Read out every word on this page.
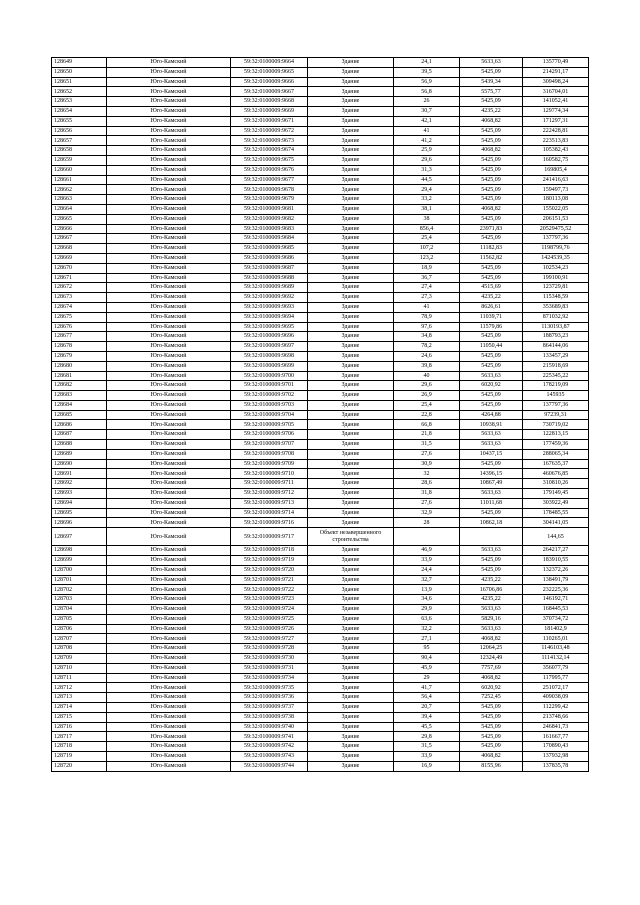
128649	Юго-Камский	59:32:0100009:9664	Здание	24,1	5633,63	135770,49
128650	Юго-Камский	59:32:0100009:9665	Здание	39,5	5425,09	214291,17
128651	Юго-Камский	59:32:0100009:9666	Здание	56,9	5439,34	309498,24
128652	Юго-Камский	59:32:0100009:9667	Здание	56,8	5575,77	316704,01
128653	Юго-Камский	59:32:0100009:9668	Здание	26	5425,09	141052,41
128654	Юго-Камский	59:32:0100009:9669	Здание	30,7	4235,22	129774,34
128655	Юго-Камский	59:32:0100009:9671	Здание	42,1	4068,82	171297,31
128656	Юго-Камский	59:32:0100009:9672	Здание	41	5425,09	222428,81
128657	Юго-Камский	59:32:0100009:9673	Здание	41,2	5425,09	223513,83
128658	Юго-Камский	59:32:0100009:9674	Здание	25,9	4068,82	105382,43
128659	Юго-Камский	59:32:0100009:9675	Здание	29,6	5425,09	160582,75
128660	Юго-Камский	59:32:0100009:9676	Здание	31,3	5425,09	169805,4
128661	Юго-Камский	59:32:0100009:9677	Здание	44,5	5425,09	241416,63
128662	Юго-Камский	59:32:0100009:9678	Здание	29,4	5425,09	159497,73
128663	Юго-Камский	59:32:0100009:9679	Здание	33,2	5425,09	180113,08
128664	Юго-Камский	59:32:0100009:9681	Здание	38,1	4068,82	155022,05
128665	Юго-Камский	59:32:0100009:9682	Здание	38	5425,09	206151,53
128666	Юго-Камский	59:32:0100009:9683	Здание	856,4	23971,83	20529475,52
128667	Юго-Камский	59:32:0100009:9684	Здание	25,4	5425,09	137797,36
128668	Юго-Камский	59:32:0100009:9685	Здание	107,2	11182,83	1198799,76
128669	Юго-Камский	59:32:0100009:9686	Здание	123,2	11562,82	1424539,35
128670	Юго-Камский	59:32:0100009:9687	Здание	18,9	5425,09	102534,23
128671	Юго-Камский	59:32:0100009:9688	Здание	36,7	5425,09	199100,91
128672	Юго-Камский	59:32:0100009:9689	Здание	27,4	4515,69	123729,81
128673	Юго-Камский	59:32:0100009:9692	Здание	27,3	4235,22	115348,59
128674	Юго-Камский	59:32:0100009:9693	Здание	41	8626,61	353689,83
128675	Юго-Камский	59:32:0100009:9694	Здание	78,9	11039,71	871032,92
128676	Юго-Камский	59:32:0100009:9695	Здание	97,6	11579,86	1130193,87
128677	Юго-Камский	59:32:0100009:9696	Здание	34,8	5425,09	188793,23
128678	Юго-Камский	59:32:0100009:9697	Здание	78,2	11050,44	864144,06
128679	Юго-Камский	59:32:0100009:9698	Здание	24,6	5425,09	133457,29
128680	Юго-Камский	59:32:0100009:9699	Здание	39,8	5425,09	215918,69
128681	Юго-Камский	59:32:0100009:9700	Здание	40	5633,63	225345,22
128682	Юго-Камский	59:32:0100009:9701	Здание	29,6	6020,92	178219,09
128683	Юго-Камский	59:32:0100009:9702	Здание	26,9	5425,09	145935
128684	Юго-Камский	59:32:0100009:9703	Здание	25,4	5425,09	137797,36
128685	Юго-Камский	59:32:0100009:9704	Здание	22,8	4264,88	97239,31
128686	Юго-Камский	59:32:0100009:9705	Здание	66,8	10938,91	730719,02
128687	Юго-Камский	59:32:0100009:9706	Здание	21,8	5633,63	122813,15
128688	Юго-Камский	59:32:0100009:9707	Здание	31,5	5633,63	177459,36
128689	Юго-Камский	59:32:0100009:9708	Здание	27,6	10437,15	288065,34
128690	Юго-Камский	59:32:0100009:9709	Здание	30,9	5425,09	167635,37
128691	Юго-Камский	59:32:0100009:9710	Здание	32	14396,15	460676,85
128692	Юго-Камский	59:32:0100009:9711	Здание	28,6	10867,49	310810,26
128693	Юго-Камский	59:32:0100009:9712	Здание	31,8	5633,63	179149,45
128694	Юго-Камский	59:32:0100009:9713	Здание	27,6	11011,68	303922,49
128695	Юго-Камский	59:32:0100009:9714	Здание	32,9	5425,09	178485,55
128696	Юго-Камский	59:32:0100009:9716	Здание	28	10862,18	304141,05
128697	Юго-Камский	59:32:0100009:9717	Объект незавершенного строительства			144,65
128698	Юго-Камский	59:32:0100009:9718	Здание	46,9	5633,63	264217,27
128699	Юго-Камский	59:32:0100009:9719	Здание	33,9	5425,09	183910,55
128700	Юго-Камский	59:32:0100009:9720	Здание	24,4	5425,09	132372,26
128701	Юго-Камский	59:32:0100009:9721	Здание	32,7	4235,22	138491,79
128702	Юго-Камский	59:32:0100009:9722	Здание	13,9	16706,86	232225,36
128703	Юго-Камский	59:32:0100009:9723	Здание	34,6	4235,22	146192,71
128704	Юго-Камский	59:32:0100009:9724	Здание	29,9	5633,63	168445,53
128705	Юго-Камский	59:32:0100009:9725	Здание	63,6	5829,16	370734,72
128706	Юго-Камский	59:32:0100009:9726	Здание	32,2	5633,63	181402,9
128707	Юго-Камский	59:32:0100009:9727	Здание	27,1	4068,82	110265,01
128708	Юго-Камский	59:32:0100009:9728	Здание	95	12064,25	1146103,48
128709	Юго-Камский	59:32:0100009:9730	Здание	90,4	12324,49	1114132,14
128710	Юго-Камский	59:32:0100009:9731	Здание	45,9	7757,69	356077,79
128711	Юго-Камский	59:32:0100009:9734	Здание	29	4068,82	117995,77
128712	Юго-Камский	59:32:0100009:9735	Здание	41,7	6020,92	251072,17
128713	Юго-Камский	59:32:0100009:9736	Здание	56,4	7252,45	409038,09
128714	Юго-Камский	59:32:0100009:9737	Здание	20,7	5425,09	112299,42
128715	Юго-Камский	59:32:0100009:9738	Здание	39,4	5425,09	213748,66
128716	Юго-Камский	59:32:0100009:9740	Здание	45,5	5425,09	246841,73
128717	Юго-Камский	59:32:0100009:9741	Здание	29,8	5425,09	161667,77
128718	Юго-Камский	59:32:0100009:9742	Здание	31,5	5425,09	170890,43
128719	Юго-Камский	59:32:0100009:9743	Здание	33,9	4068,82	137932,98
128720	Юго-Камский	59:32:0100009:9744	Здание	16,9	8155,96	137835,78
